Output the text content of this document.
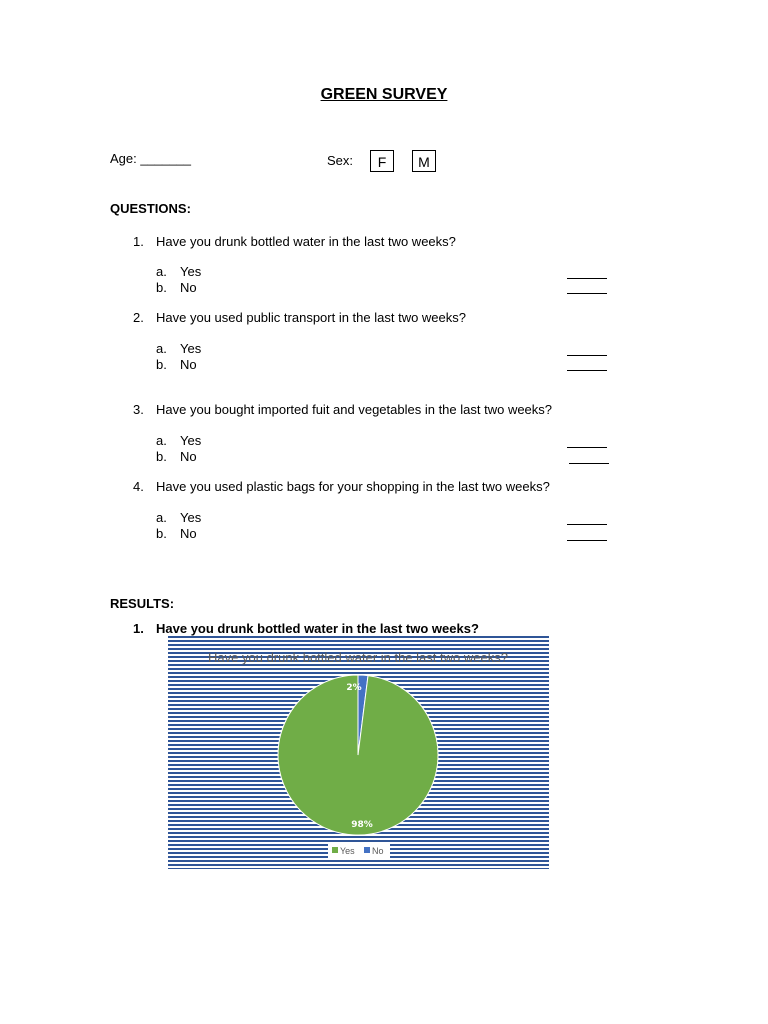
GREEN SURVEY
Age: _______	Sex:	F	M
QUESTIONS:
1. Have you drunk bottled water in the last two weeks?
a. Yes
b. No
2. Have you used public transport in the last two weeks?
a. Yes
b. No
3. Have you bought imported fuit and vegetables in the last two weeks?
a. Yes
b. No
4. Have you used plastic bags for your shopping in the last two weeks?
a. Yes
b. No
RESULTS:
1. Have you drunk bottled water in the last two weeks?
Have you drunk bottled water in the last two weeks?
98%
2%
Yes No
